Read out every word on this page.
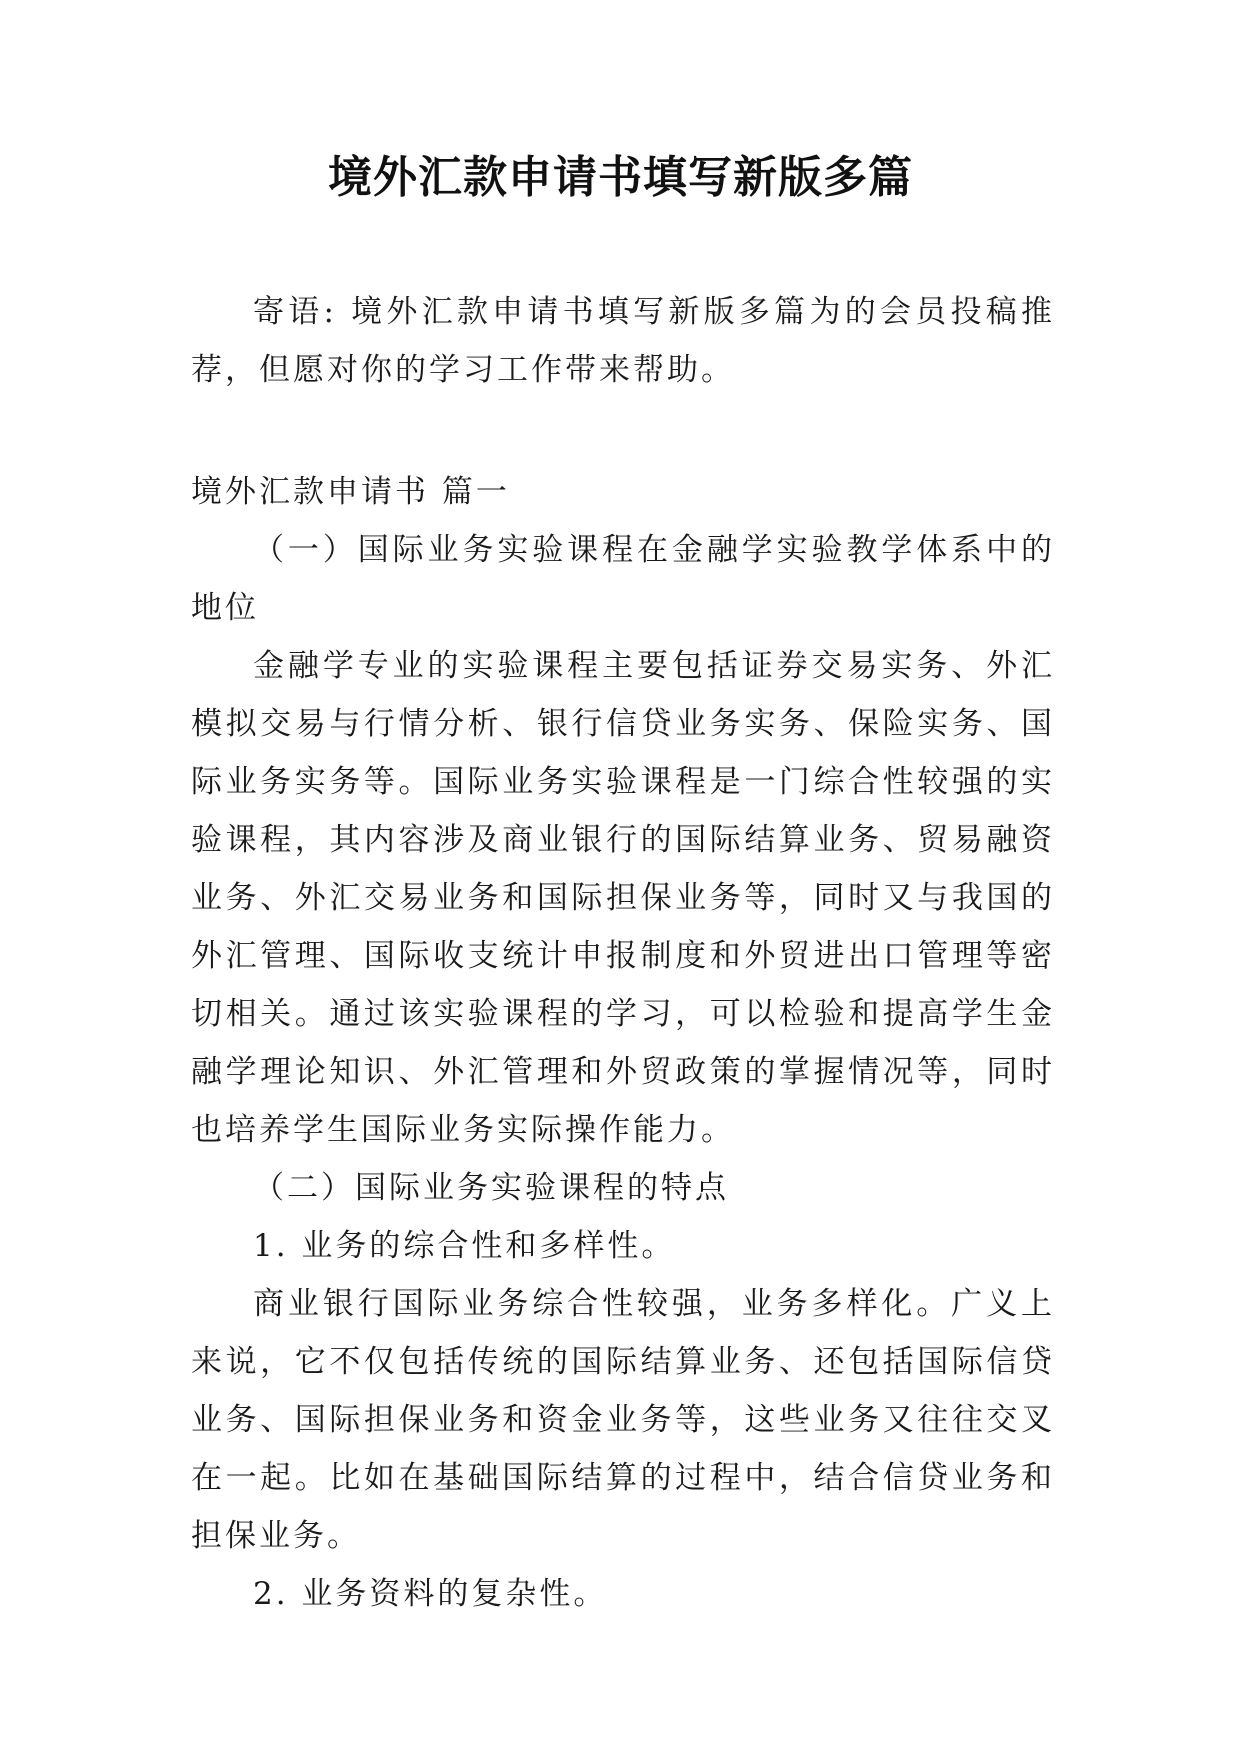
境外汇款申请书填写新版多篇

寄语: 境外汇款申请书填写新版多篇为的会员投稿推荐，但愿对你的学习工作带来帮助。

境外汇款申请书 篇一

（一）国际业务实验课程在金融学实验教学体系中的地位

金融学专业的实验课程主要包括证券交易实务、外汇模拟交易与行情分析、银行信贷业务实务、保险实务、国际业务实务等。国际业务实验课程是一门综合性较强的实验课程，其内容涉及商业银行的国际结算业务、贸易融资业务、外汇交易业务和国际担保业务等，同时又与我国的外汇管理、国际收支统计申报制度和外贸进出口管理等密切相关。通过该实验课程的学习，可以检验和提高学生金融学理论知识、外汇管理和外贸政策的掌握情况等，同时也培养学生国际业务实际操作能力。

（二）国际业务实验课程的特点

1. 业务的综合性和多样性。

商业银行国际业务综合性较强，业务多样化。广义上来说，它不仅包括传统的国际结算业务、还包括国际信贷业务、国际担保业务和资金业务等，这些业务又往往交叉在一起。比如在基础国际结算的过程中，结合信贷业务和担保业务。

2. 业务资料的复杂性。
